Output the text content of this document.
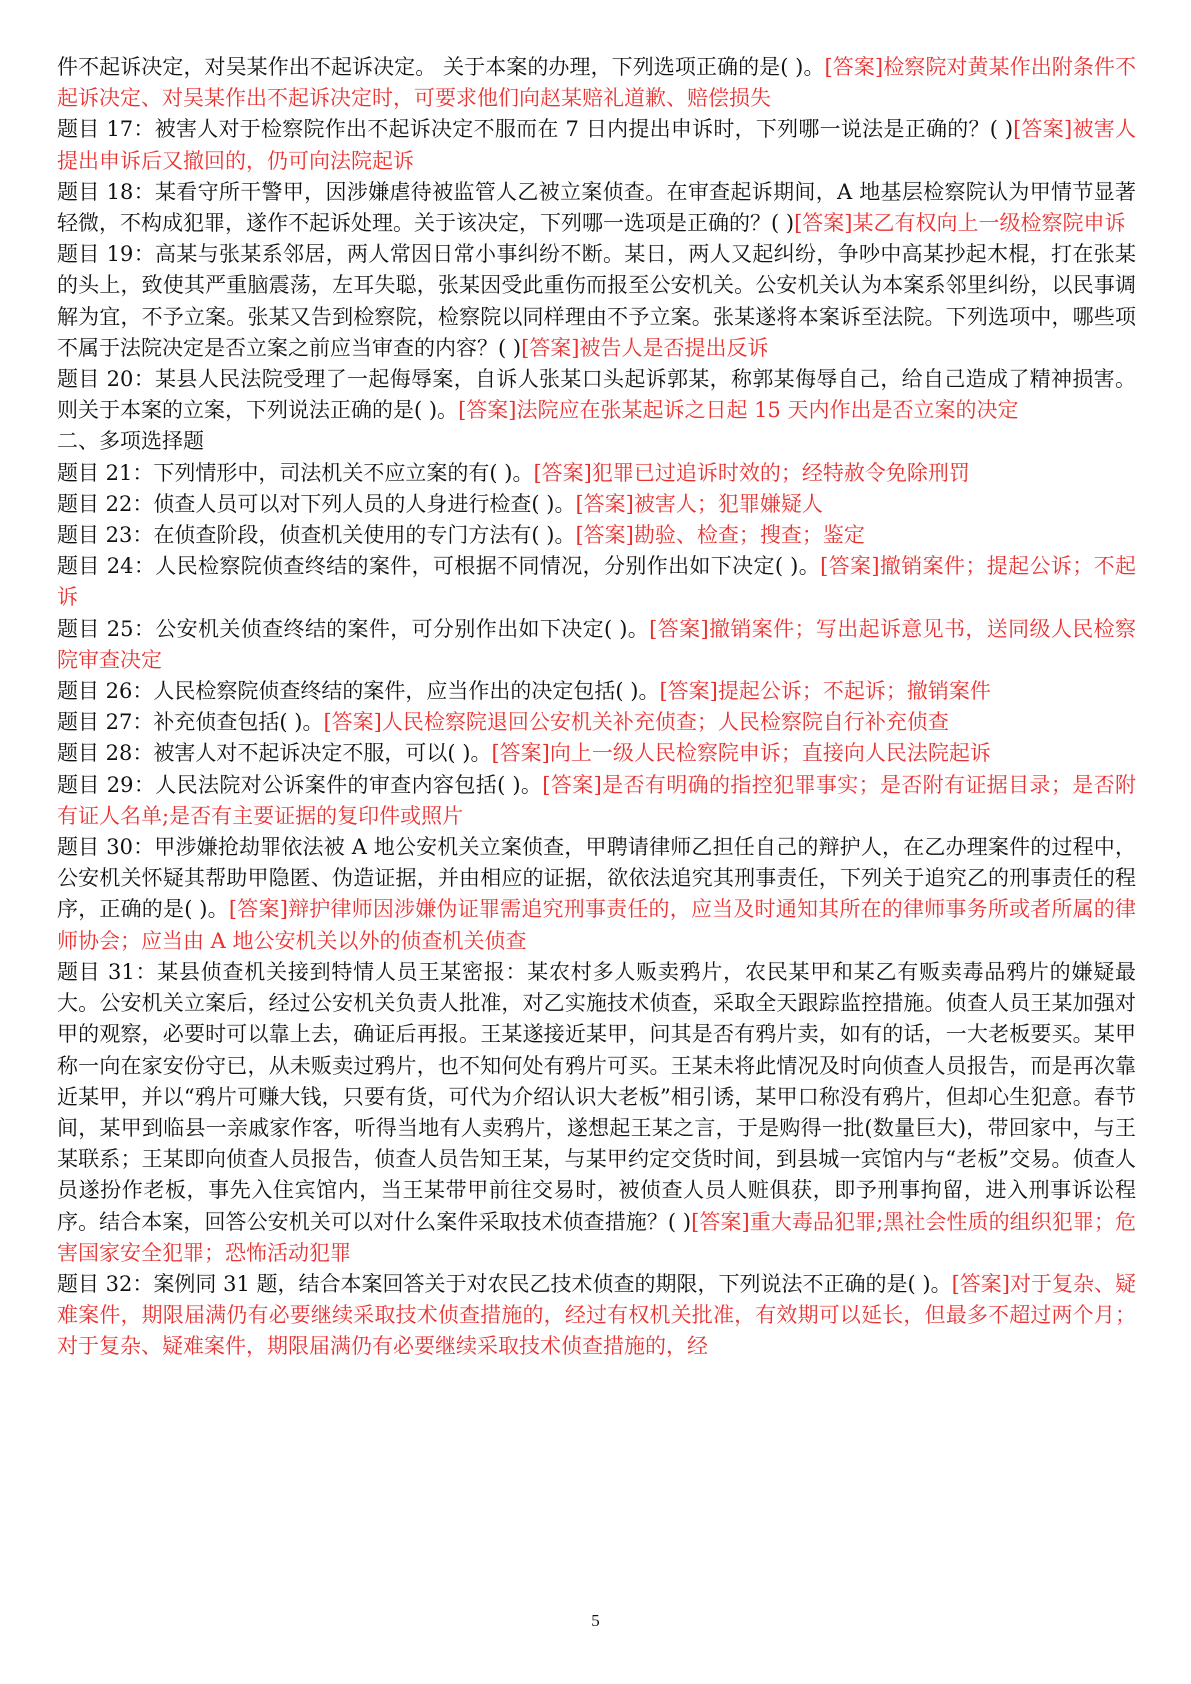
件不起诉决定，对吴某作出不起诉决定。 关于本案的办理，下列选项正确的是( )。[答案]检察院对黄某作出附条件不起诉决定、对吴某作出不起诉决定时，可要求他们向赵某赔礼道歉、赔偿损失

题目 17：被害人对于检察院作出不起诉决定不服而在 7 日内提出申诉时，下列哪一说法是正确的？( )[答案]被害人提出申诉后又撤回的，仍可向法院起诉

题目 18：某看守所干警甲，因涉嫌虐待被监管人乙被立案侦查。在审查起诉期间，A 地基层检察院认为甲情节显著轻微，不构成犯罪，遂作不起诉处理。关于该决定，下列哪一选项是正确的？( )[答案]某乙有权向上一级检察院申诉

题目 19：高某与张某系邻居，两人常因日常小事纠纷不断。某日，两人又起纠纷，争吵中高某抄起木棍，打在张某的头上，致使其严重脑震荡，左耳失聪，张某因受此重伤而报至公安机关。公安机关认为本案系邻里纠纷，以民事调解为宜，不予立案。张某又告到检察院，检察院以同样理由不予立案。张某遂将本案诉至法院。下列选项中，哪些项不属于法院决定是否立案之前应当审查的内容？( )[答案]被告人是否提出反诉

题目 20：某县人民法院受理了一起侮辱案，自诉人张某口头起诉郭某，称郭某侮辱自己，给自己造成了精神损害。则关于本案的立案，下列说法正确的是( )。[答案]法院应在张某起诉之日起 15 天内作出是否立案的决定

二、多项选择题

题目 21：下列情形中，司法机关不应立案的有( )。[答案]犯罪已过追诉时效的；经特赦令免除刑罚

题目 22：侦查人员可以对下列人员的人身进行检查( )。[答案]被害人；犯罪嫌疑人

题目 23：在侦查阶段，侦查机关使用的专门方法有( )。[答案]勘验、检查；搜查；鉴定

题目 24：人民检察院侦查终结的案件，可根据不同情况，分别作出如下决定( )。[答案]撤销案件；提起公诉；不起诉

题目 25：公安机关侦查终结的案件，可分别作出如下决定( )。[答案]撤销案件；写出起诉意见书，送同级人民检察院审查决定

题目 26：人民检察院侦查终结的案件，应当作出的决定包括( )。[答案]提起公诉；不起诉；撤销案件

题目 27：补充侦查包括( )。[答案]人民检察院退回公安机关补充侦查；人民检察院自行补充侦查

题目 28：被害人对不起诉决定不服，可以( )。[答案]向上一级人民检察院申诉；直接向人民法院起诉

题目 29：人民法院对公诉案件的审查内容包括( )。[答案]是否有明确的指控犯罪事实；是否附有证据目录；是否附有证人名单;是否有主要证据的复印件或照片

题目 30：甲涉嫌抢劫罪依法被 A 地公安机关立案侦查，甲聘请律师乙担任自己的辩护人，在乙办理案件的过程中，公安机关怀疑其帮助甲隐匿、伪造证据，并由相应的证据，欲依法追究其刑事责任，下列关于追究乙的刑事责任的程序，正确的是( )。[答案]辩护律师因涉嫌伪证罪需追究刑事责任的，应当及时通知其所在的律师事务所或者所属的律师协会；应当由 A 地公安机关以外的侦查机关侦查

题目 31：某县侦查机关接到特情人员王某密报：某农村多人贩卖鸦片，农民某甲和某乙有贩卖毒品鸦片的嫌疑最大。公安机关立案后，经过公安机关负责人批准，对乙实施技术侦查，采取全天跟踪监控措施。侦查人员王某加强对甲的观察，必要时可以靠上去，确证后再报。王某遂接近某甲，问其是否有鸦片卖，如有的话，一大老板要买。某甲称一向在家安份守已，从未贩卖过鸦片，也不知何处有鸦片可买。王某未将此情况及时向侦查人员报告，而是再次靠近某甲，并以“鸦片可赚大钱，只要有货，可代为介绍认识大老板”相引诱，某甲口称没有鸦片，但却心生犯意。春节间，某甲到临县一亲戚家作客，听得当地有人卖鸦片，遂想起王某之言，于是购得一批(数量巨大)，带回家中，与王某联系；王某即向侦查人员报告，侦查人员告知王某，与某甲约定交货时间，到县城一宾馆内与“老板”交易。侦查人员遂扮作老板，事先入住宾馆内，当王某带甲前往交易时，被侦查人员人赃俱获，即予刑事拘留，进入刑事诉讼程序。结合本案，回答公安机关可以对什么案件采取技术侦查措施？( )[答案]重大毒品犯罪;黑社会性质的组织犯罪；危害国家安全犯罪；恐怖活动犯罪

题目 32：案例同 31 题，结合本案回答关于对农民乙技术侦查的期限，下列说法不正确的是( )。[答案]对于复杂、疑难案件，期限届满仍有必要继续采取技术侦查措施的，经过有权机关批准，有效期可以延长，但最多不超过两个月；对于复杂、疑难案件，期限届满仍有必要继续采取技术侦查措施的，经

5
